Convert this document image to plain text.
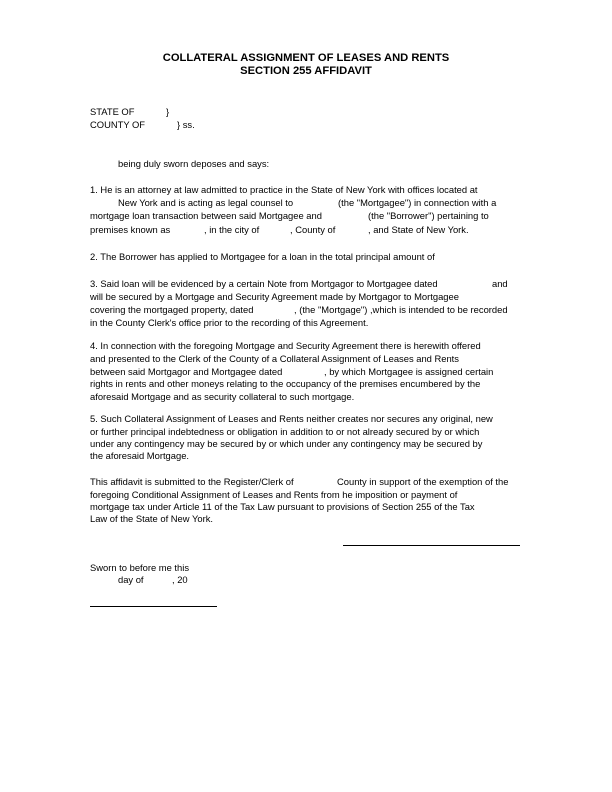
COLLATERAL ASSIGNMENT OF LEASES AND RENTS
SECTION 255 AFFIDAVIT
STATE OF	}
COUNTY OF	} ss.
being duly sworn deposes and says:
1. He is an attorney at law admitted to practice in the State of New York with offices located at
New York and is acting as legal counsel to	(the "Mortgagee") in connection with a
mortgage loan transaction between said Mortgagee and	(the "Borrower") pertaining to
premises known as	, in the city of	, County of	, and State of New York.
2. The Borrower has applied to Mortgagee for a loan in the total principal amount of
3. Said loan will be evidenced by a certain Note from Mortgagor to Mortgagee dated	and
will be secured by a Mortgage and Security Agreement made by Mortgagor to Mortgagee
covering the mortgaged property, dated	, (the "Mortgage") ,which is intended to be recorded
in the County Clerk's office prior to the recording of this Agreement.
4. In connection with the foregoing Mortgage and Security Agreement there is herewith offered
and presented to the Clerk of the County of a Collateral Assignment of Leases and Rents
between said Mortgagor and Mortgagee dated	, by which Mortgagee is assigned certain
rights in rents and other moneys relating to the occupancy of the premises encumbered by the
aforesaid Mortgage and as security collateral to such mortgage.
5. Such Collateral Assignment of Leases and Rents neither creates nor secures any original, new
or further principal indebtedness or obligation in addition to or not already secured by or which
under any contingency may be secured by or which under any contingency may be secured by
the aforesaid Mortgage.
This affidavit is submitted to the Register/Clerk of	County in support of the exemption of the
foregoing Conditional Assignment of Leases and Rents from he imposition or payment of
mortgage tax under Article 11 of the Tax Law pursuant to provisions of Section 255 of the Tax
Law of the State of New York.
Sworn to before me this
day of	, 20
